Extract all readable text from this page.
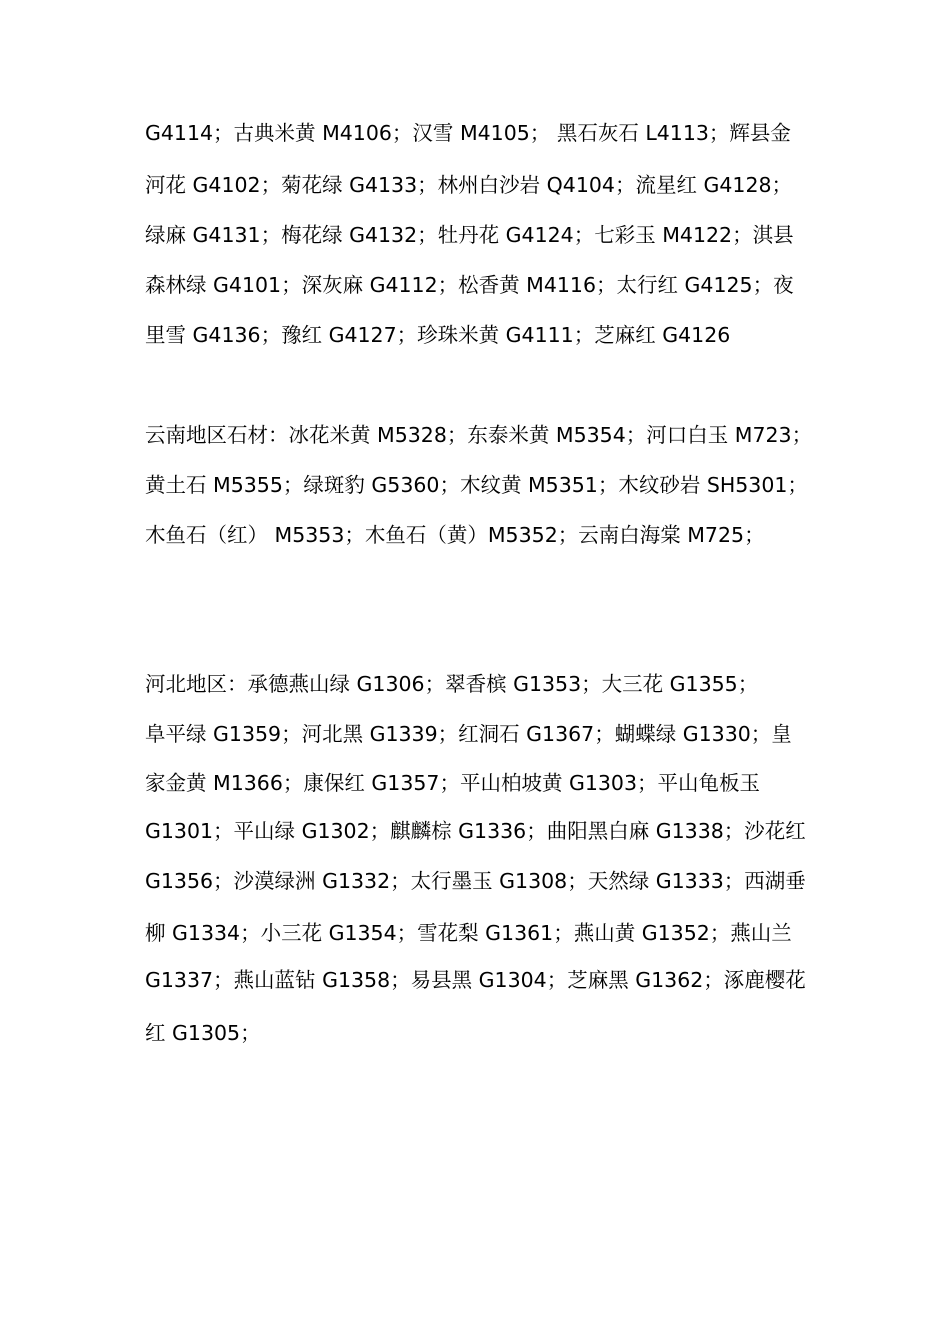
G4114；古典米黄 M4106；汉雪 M4105； 黑石灰石 L4113；辉县金
河花 G4102；菊花绿 G4133；林州白沙岩 Q4104；流星红 G4128；
绿麻 G4131；梅花绿 G4132；牡丹花 G4124；七彩玉 M4122；淇县
森林绿 G4101；深灰麻 G4112；松香黄 M4116；太行红 G4125；夜
里雪 G4136；豫红 G4127；珍珠米黄 G4111；芝麻红 G4126
云南地区石材：冰花米黄 M5328；东泰米黄 M5354；河口白玉 M723；
黄土石 M5355；绿斑豹 G5360；木纹黄 M5351；木纹砂岩 SH5301；
木鱼石（红） M5353；木鱼石（黄）M5352；云南白海棠 M725；
河北地区：承德燕山绿 G1306；翠香槟 G1353；大三花 G1355；
阜平绿 G1359；河北黑 G1339；红洞石 G1367；蝴蝶绿 G1330；皇
家金黄 M1366；康保红 G1357；平山柏坡黄 G1303；平山龟板玉
G1301；平山绿 G1302；麒麟棕 G1336；曲阳黑白麻 G1338；沙花红
G1356；沙漠绿洲 G1332；太行墨玉 G1308；天然绿 G1333；西湖垂
柳 G1334；小三花 G1354；雪花梨 G1361；燕山黄 G1352；燕山兰
G1337；燕山蓝钻 G1358；易县黑 G1304；芝麻黑 G1362；涿鹿樱花
红 G1305；
